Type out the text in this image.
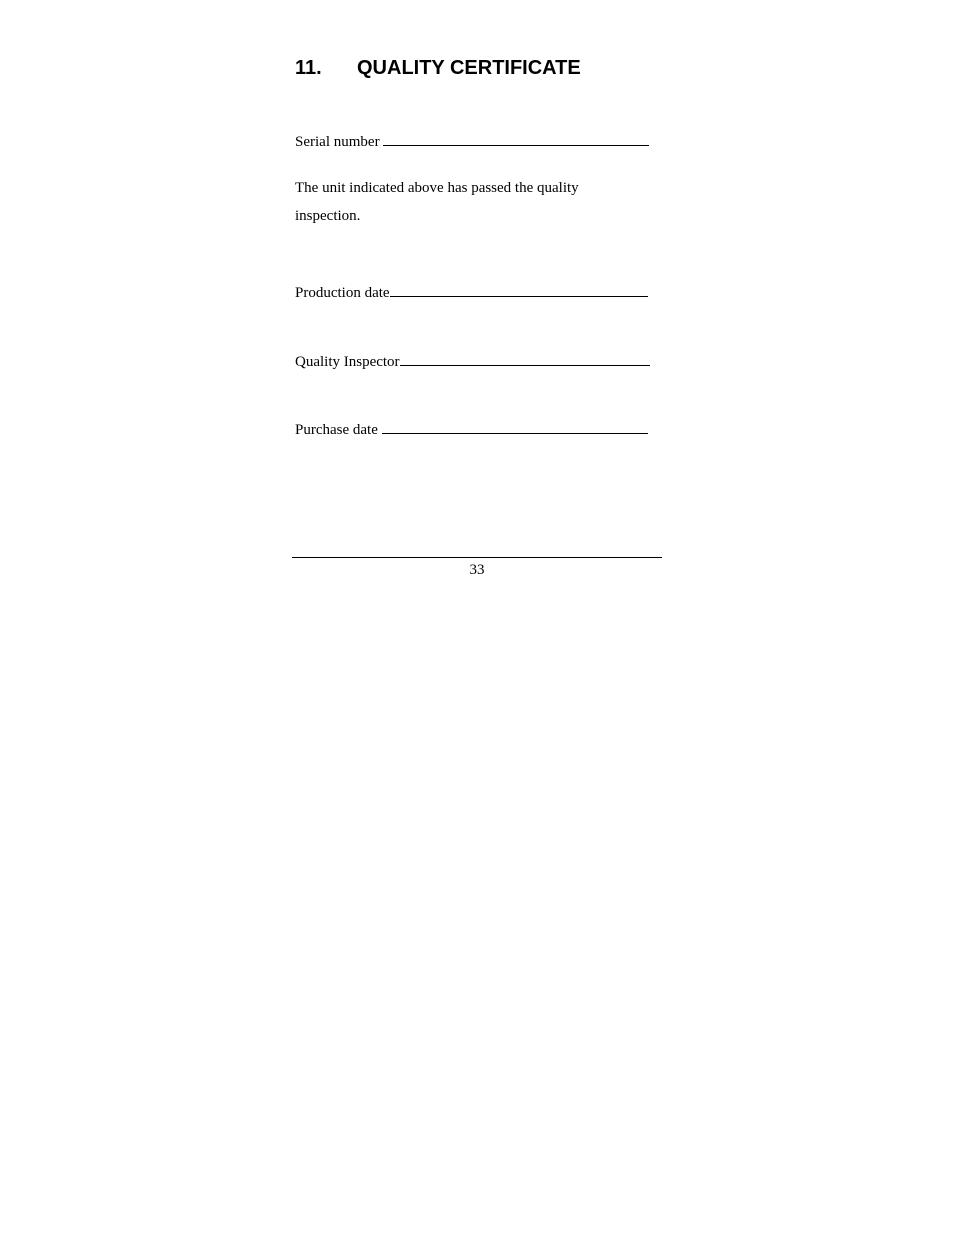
11. QUALITY CERTIFICATE
Serial number

The unit indicated above has passed the quality

inspection.

Production date
Quality Inspector
Purchase date
33
